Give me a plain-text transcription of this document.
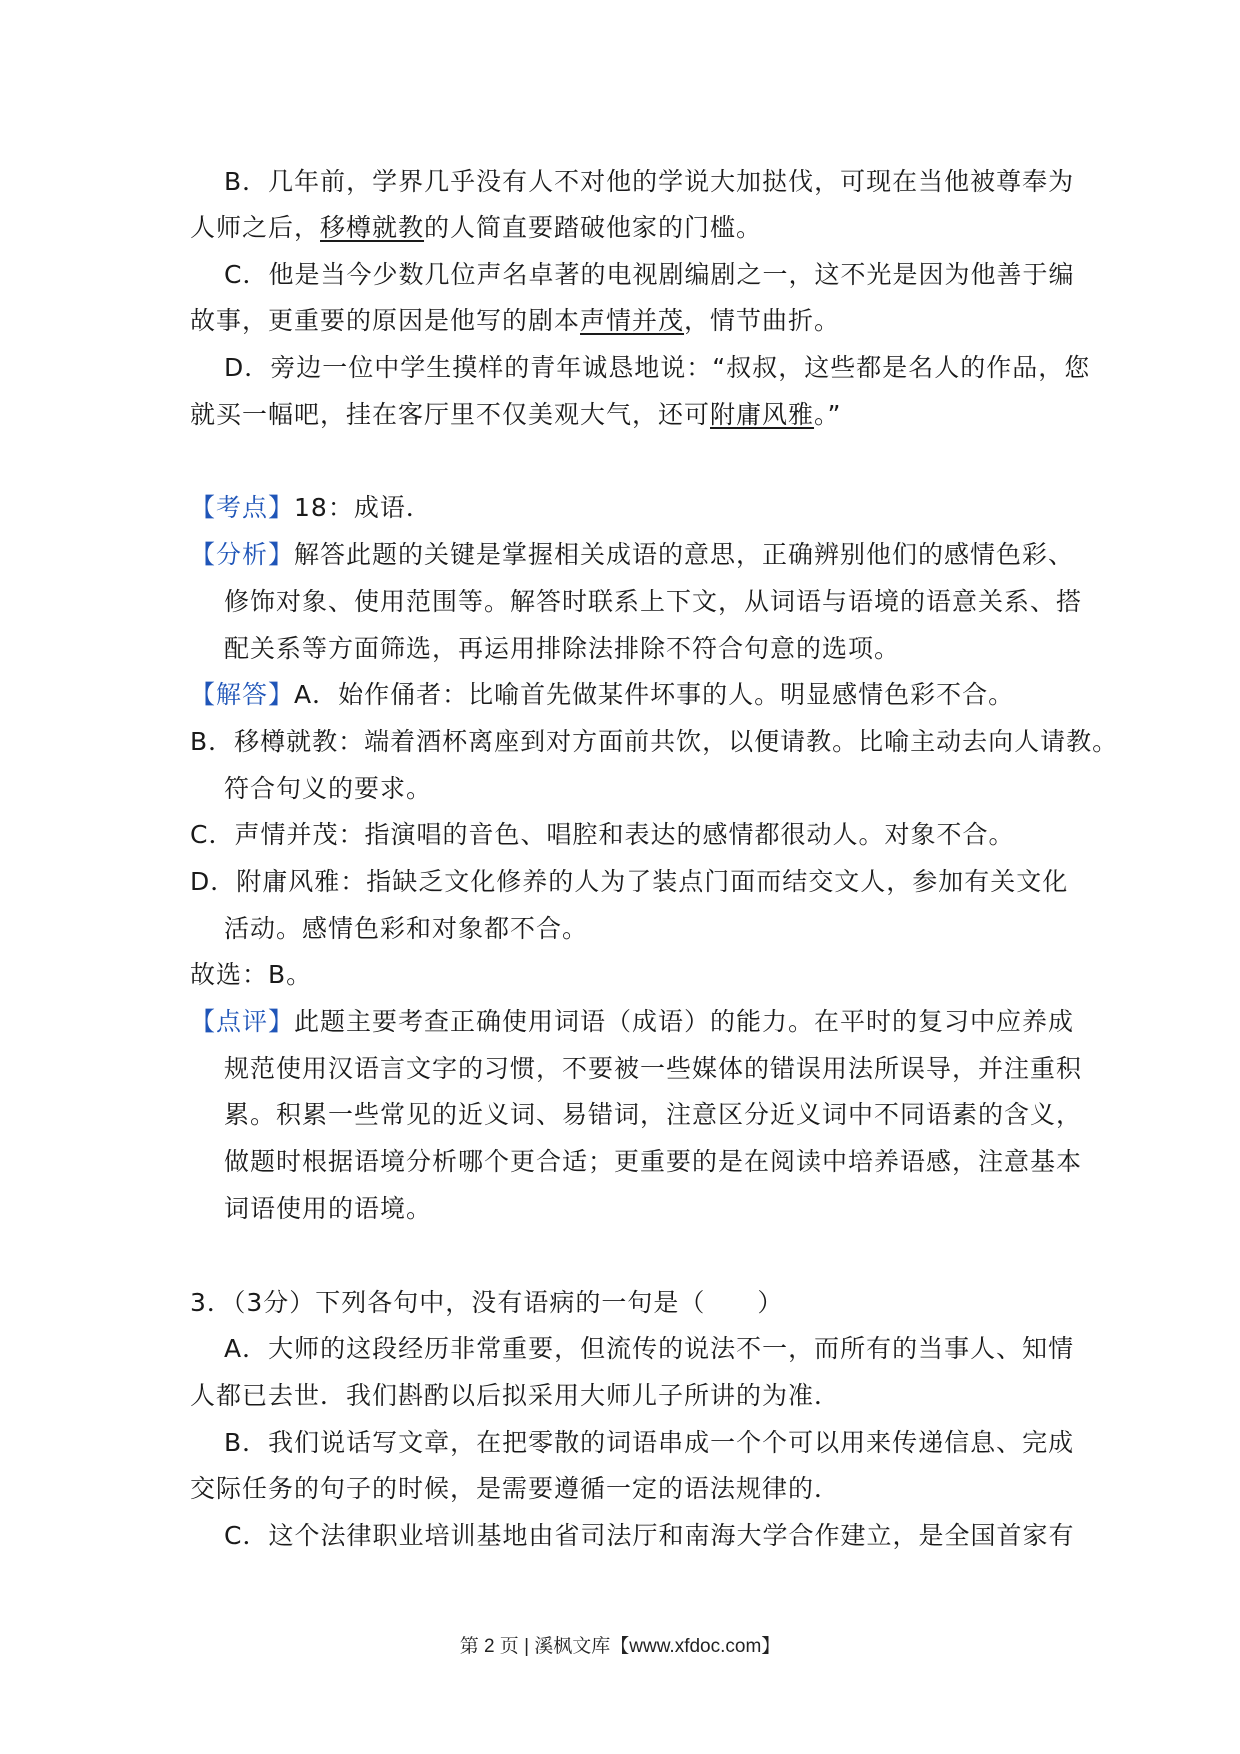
B．几年前，学界几乎没有人不对他的学说大加挞伐，可现在当他被尊奉为
人师之后，移樽就教的人简直要踏破他家的门槛。
C．他是当今少数几位声名卓著的电视剧编剧之一，这不光是因为他善于编
故事，更重要的原因是他写的剧本声情并茂，情节曲折。
D．旁边一位中学生摸样的青年诚恳地说：“叔叔，这些都是名人的作品，您
就买一幅吧，挂在客厅里不仅美观大气，还可附庸风雅。”
【考点】18：成语．
【分析】解答此题的关键是掌握相关成语的意思，正确辨别他们的感情色彩、
修饰对象、使用范围等。解答时联系上下文，从词语与语境的语意关系、搭
配关系等方面筛选，再运用排除法排除不符合句意的选项。
【解答】A．始作俑者：比喻首先做某件坏事的人。明显感情色彩不合。
B．移樽就教：端着酒杯离座到对方面前共饮，以便请教。比喻主动去向人请教。
符合句义的要求。
C．声情并茂：指演唱的音色、唱腔和表达的感情都很动人。对象不合。
D．附庸风雅：指缺乏文化修养的人为了装点门面而结交文人，参加有关文化
活动。感情色彩和对象都不合。
故选：B。
【点评】此题主要考查正确使用词语（成语）的能力。在平时的复习中应养成
规范使用汉语言文字的习惯，不要被一些媒体的错误用法所误导，并注重积
累。积累一些常见的近义词、易错词，注意区分近义词中不同语素的含义，
做题时根据语境分析哪个更合适；更重要的是在阅读中培养语感，注意基本
词语使用的语境。
3．（3分）下列各句中，没有语病的一句是（　　）
A．大师的这段经历非常重要，但流传的说法不一，而所有的当事人、知情
人都已去世．我们斟酌以后拟采用大师儿子所讲的为准．
B．我们说话写文章，在把零散的词语串成一个个可以用来传递信息、完成
交际任务的句子的时候，是需要遵循一定的语法规律的．
C．这个法律职业培训基地由省司法厅和南海大学合作建立，是全国首家有
第 2 页 | 溪枫文库【www.xfdoc.com】
